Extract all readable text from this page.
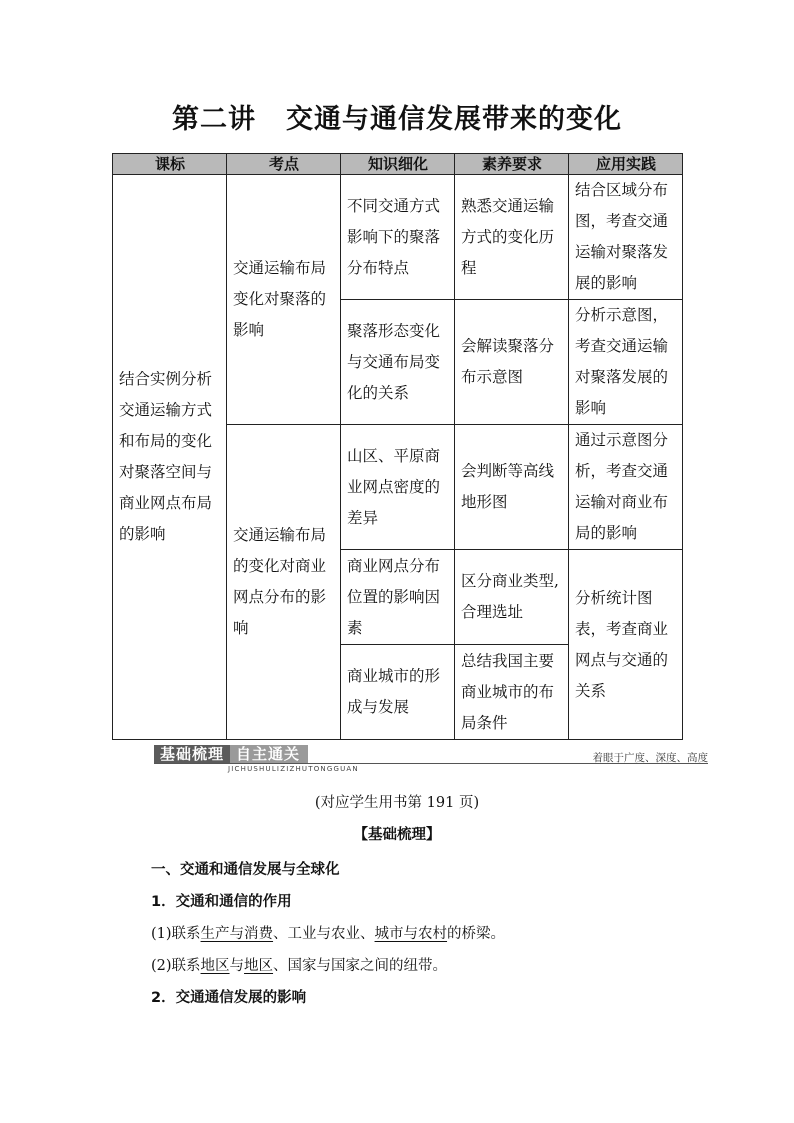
第二讲 交通与通信发展带来的变化
课标	考点	知识细化	素养要求	应用实践
结合实例分析交通运输方式和布局的变化对聚落空间与商业网点布局的影响	交通运输布局变化对聚落的影响	不同交通方式影响下的聚落分布特点	熟悉交通运输方式的变化历程	结合区域分布图，考查交通运输对聚落发展的影响
		聚落形态变化与交通布局变化的关系	会解读聚落分布示意图	分析示意图，考查交通运输对聚落发展的影响
	交通运输布局的变化对商业网点分布的影响	山区、平原商业网点密度的差异	会判断等高线地形图	通过示意图分析，考查交通运输对商业布局的影响
		商业网点分布位置的影响因素	区分商业类型,合理选址	分析统计图表，考查商业网点与交通的关系
		商业城市的形成与发展	总结我国主要商业城市的布局条件	
基础梳理 自主通关
JICHUSHULIZIZHUTONGGUAN
着眼于广度、深度、高度
(对应学生用书第 191 页)
【基础梳理】
一、交通和通信发展与全球化
1．交通和通信的作用
(1)联系生产与消费、工业与农业、城市与农村的桥梁。
(2)联系地区与地区、国家与国家之间的纽带。
2．交通通信发展的影响
